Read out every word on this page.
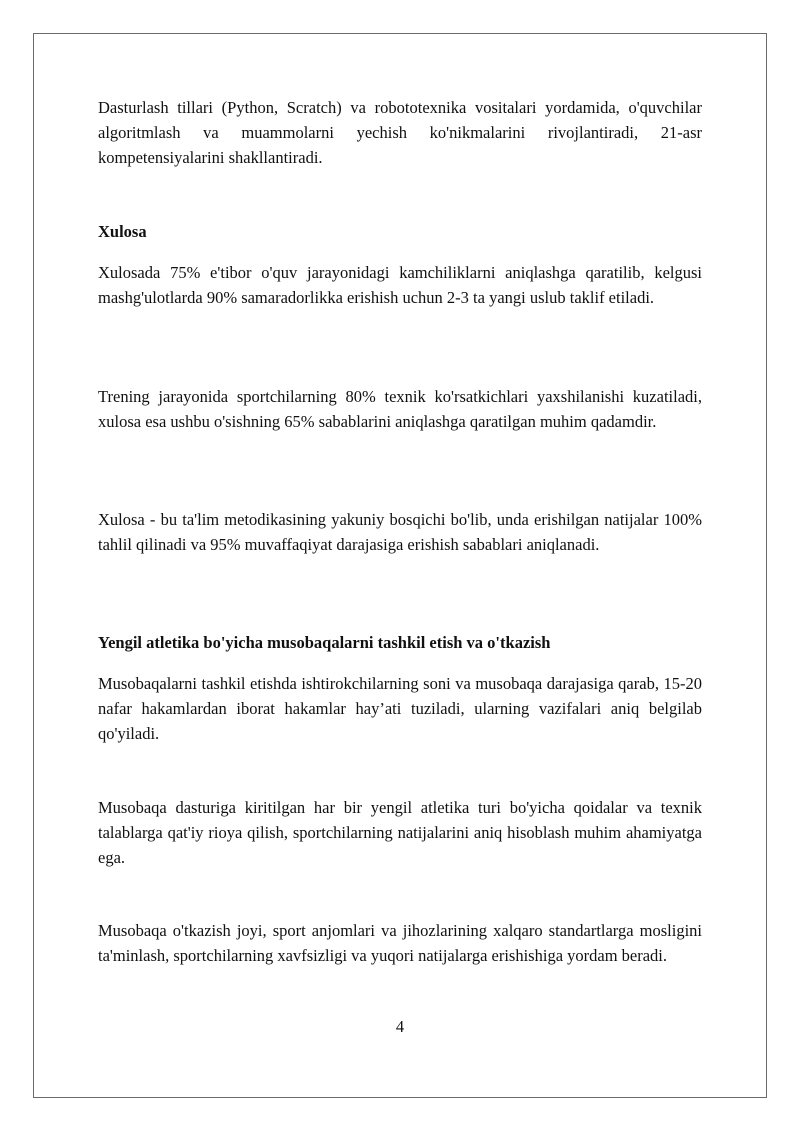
Dasturlash tillari (Python, Scratch) va robototexnika vositalari yordamida, o'quvchilar algoritmlash va muammolarni yechish ko'nikmalarini rivojlantiradi, 21-asr kompetensiyalarini shakllantiradi.

Xulosa

Xulosada 75% e'tibor o'quv jarayonidagi kamchiliklarni aniqlashga qaratilib, kelgusi mashg'ulotlarda 90% samaradorlikka erishish uchun 2-3 ta yangi uslub taklif etiladi.

Trening jarayonida sportchilarning 80% texnik ko'rsatkichlari yaxshilanishi kuzatiladi, xulosa esa ushbu o'sishning 65% sabablarini aniqlashga qaratilgan muhim qadamdir.

Xulosa - bu ta'lim metodikasining yakuniy bosqichi bo'lib, unda erishilgan natijalar 100% tahlil qilinadi va 95% muvaffaqiyat darajasiga erishish sabablari aniqlanadi.

Yengil atletika bo'yicha musobaqalarni tashkil etish va o'tkazish

Musobaqalarni tashkil etishda ishtirokchilarning soni va musobaqa darajasiga qarab, 15-20 nafar hakamlardan iborat hakamlar hay’ati tuziladi, ularning vazifalari aniq belgilab qo'yiladi.

Musobaqa dasturiga kiritilgan har bir yengil atletika turi bo'yicha qoidalar va texnik talablarga qat'iy rioya qilish, sportchilarning natijalarini aniq hisoblash muhim ahamiyatga ega.

Musobaqa o'tkazish joyi, sport anjomlari va jihozlarining xalqaro standartlarga mosligini ta'minlash, sportchilarning xavfsizligi va yuqori natijalarga erishishiga yordam beradi.

4
